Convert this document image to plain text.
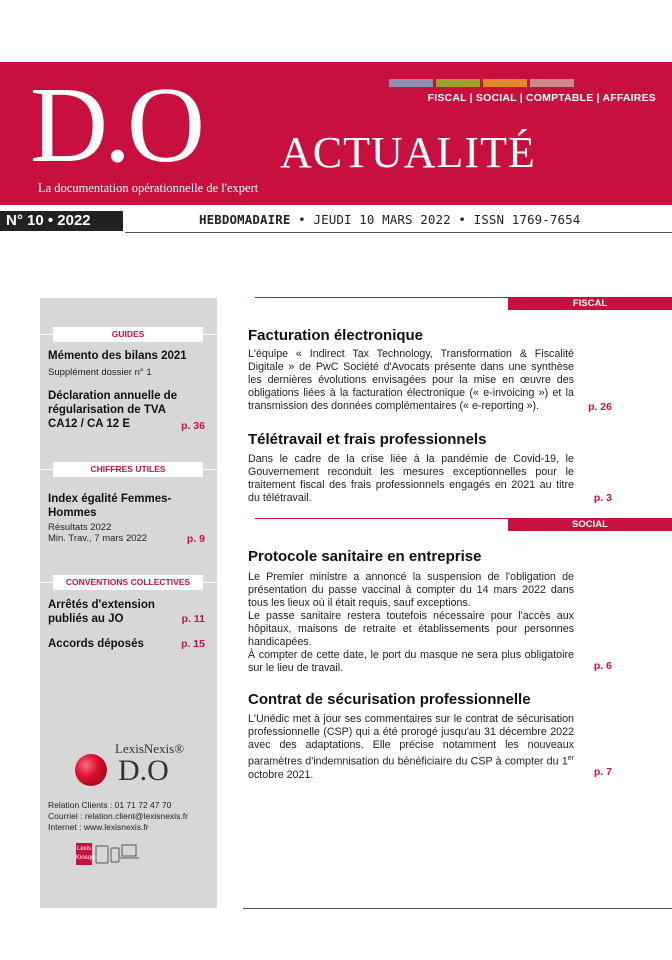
FISCAL | SOCIAL | COMPTABLE | AFFAIRES
D.O ACTUALITÉ
La documentation opérationnelle de l'expert
N° 10 • 2022	HEBDOMADAIRE • JEUDI 10 MARS 2022 • ISSN 1769-7654
GUIDES
Mémento des bilans 2021
Supplément dossier n° 1
Déclaration annuelle de régularisation de TVA CA12 / CA 12 E	p. 36
CHIFFRES UTILES
Index égalité Femmes-Hommes
Résultats 2022
Min. Trav., 7 mars 2022	p. 9
CONVENTIONS COLLECTIVES
Arrêtés d'extension publiés au JO	p. 11
Accords déposés	p. 15
LexisNexis®
D.O
Relation Clients : 01 71 72 47 70
Courriel : relation.client@lexisnexis.fr
Internet : www.lexisnexis.fr
Lexis Kiosque
FISCAL
Facturation électronique
L'équipe « Indirect Tax Technology, Transformation & Fiscalité Digitale » de PwC Société d'Avocats présente dans une synthèse les dernières évolutions envisagées pour la mise en œuvre des obligations liées à la facturation électronique (« e-invoicing ») et la transmission des données complémentaires (« e-reporting »).	p. 26
Télétravail et frais professionnels
Dans le cadre de la crise liée à la pandémie de Covid-19, le Gouvernement reconduit les mesures exceptionnelles pour le traitement fiscal des frais professionnels engagés en 2021 au titre du télétravail.	p. 3
SOCIAL
Protocole sanitaire en entreprise

Le Premier ministre a annoncé la suspension de l'obligation de présentation du passe vaccinal à compter du 14 mars 2022 dans tous les lieux où il était requis, sauf exceptions.

Le passe sanitaire restera toutefois nécessaire pour l'accès aux hôpitaux, maisons de retraite et établissements pour personnes handicapées.

À compter de cette date, le port du masque ne sera plus obligatoire sur le lieu de travail.	p. 6
Contrat de sécurisation professionnelle
L'Unédic met à jour ses commentaires sur le contrat de sécurisation professionnelle (CSP) qui a été prorogé jusqu'au 31 décembre 2022 avec des adaptations. Elle précise notamment les nouveaux paramètres d'indemnisation du bénéficiaire du CSP à compter du 1er octobre 2021.	p. 7
